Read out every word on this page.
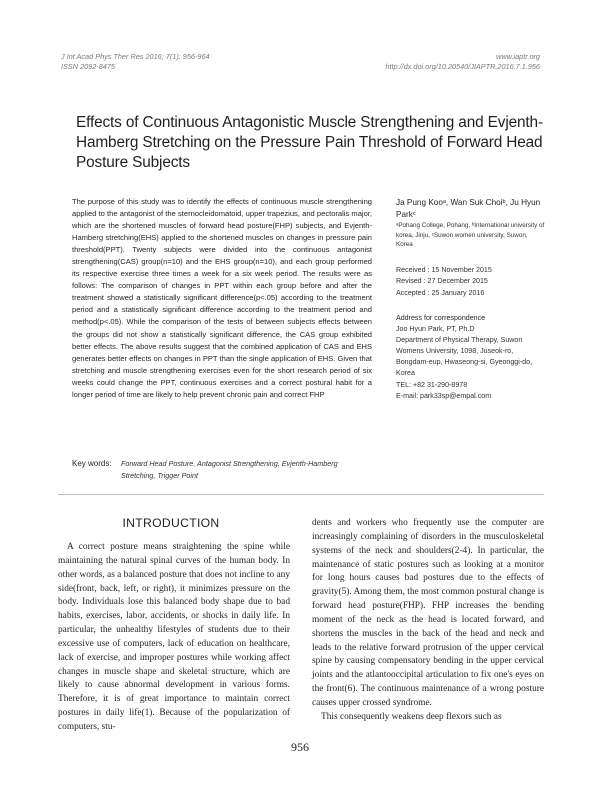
J Int Acad Phys Ther Res 2016; 7(1): 956-964
ISSN 2092-8475
www.iaptr.org
http://dx.doi.org/10.20540/JIAPTR.2016.7.1.956
Effects of Continuous Antagonistic Muscle Strengthening and Evjenth-Hamberg Stretching on the Pressure Pain Threshold of Forward Head Posture Subjects
The purpose of this study was to identify the effects of continuous muscle strengthening applied to the antagonist of the sternocleidomatoid, upper trapezius, and pectoralis major, which are the shortened muscles of forward head posture(FHP) subjects, and Evjenth-Hamberg stretching(EHS) applied to the shortened muscles on changes in pressure pain threshold(PPT). Twenty subjects were divided into the continuous antagonist strengthening(CAS) group(n=10) and the EHS group(n=10), and each group performed its respective exercise three times a week for a six week period. The results were as follows: The comparison of changes in PPT within each group before and after the treatment showed a statistically significant difference(p<.05) according to the treatment period and a statistically significant difference according to the treatment period and method(p<.05). While the comparison of the tests of between subjects effects between the groups did not show a statistically significant difference, the CAS group exhibited better effects. The above results suggest that the combined application of CAS and EHS generates better effects on changes in PPT than the single application of EHS. Given that stretching and muscle strengthening exercises even for the short research period of six weeks could change the PPT, continuous exercises and a correct postural habit for a longer period of time are likely to help prevent chronic pain and correct FHP
Ja Pung Kooᵃ, Wan Suk Choiᵇ, Ju Hyun Parkᶜ
ᵃPohang College, Pohang, ᵇInternational university of korea, Jinju, ᶜSuwon women university, Suwon, Korea
Received : 15 November 2015
Revised : 27 December 2015
Accepted : 25 January 2016
Address for correspondence
Joo Hyun Park, PT, Ph.D
Department of Physical Therapy, Suwon Womens University, 1098, Juseok-ro, Bongdam-eup, Hwaseong-si, Gyeonggi-do, Korea
TEL: +82 31-290-8978
E-mail: park33sp@empal.com
Key words: Forward Head Posture, Antagonist Strengthening, Evjenth-Hamberg Stretching, Trigger Point
INTRODUCTION

A correct posture means straightening the spine while maintaining the natural spinal curves of the human body. In other words, as a balanced posture that does not incline to any side(front, back, left, or right), it minimizes pressure on the body. Individuals lose this balanced body shape due to bad habits, exercises, labor, accidents, or shocks in daily life. In particular, the unhealthy lifestyles of students due to their excessive use of computers, lack of education on healthcare, lack of exercise, and improper postures while working affect changes in muscle shape and skeletal structure, which are likely to cause abnormal development in various forms. Therefore, it is of great importance to maintain correct postures in daily life(1). Because of the popularization of computers, stu-

dents and workers who frequently use the computer are increasingly complaining of disorders in the musculoskeletal systems of the neck and shoulders(2-4). In particular, the maintenance of static postures such as looking at a monitor for long hours causes bad postures due to the effects of gravity(5). Among them, the most common postural change is forward head posture(FHP). FHP increases the bending moment of the neck as the head is located forward, and shortens the muscles in the back of the head and neck and leads to the relative forward protrusion of the upper cervical spine by causing compensatory bending in the upper cervical joints and the atlantooccipital articulation to fix one's eyes on the front(6). The continuous maintenance of a wrong posture causes upper crossed syndrome.

This consequently weakens deep flexors such as

956
